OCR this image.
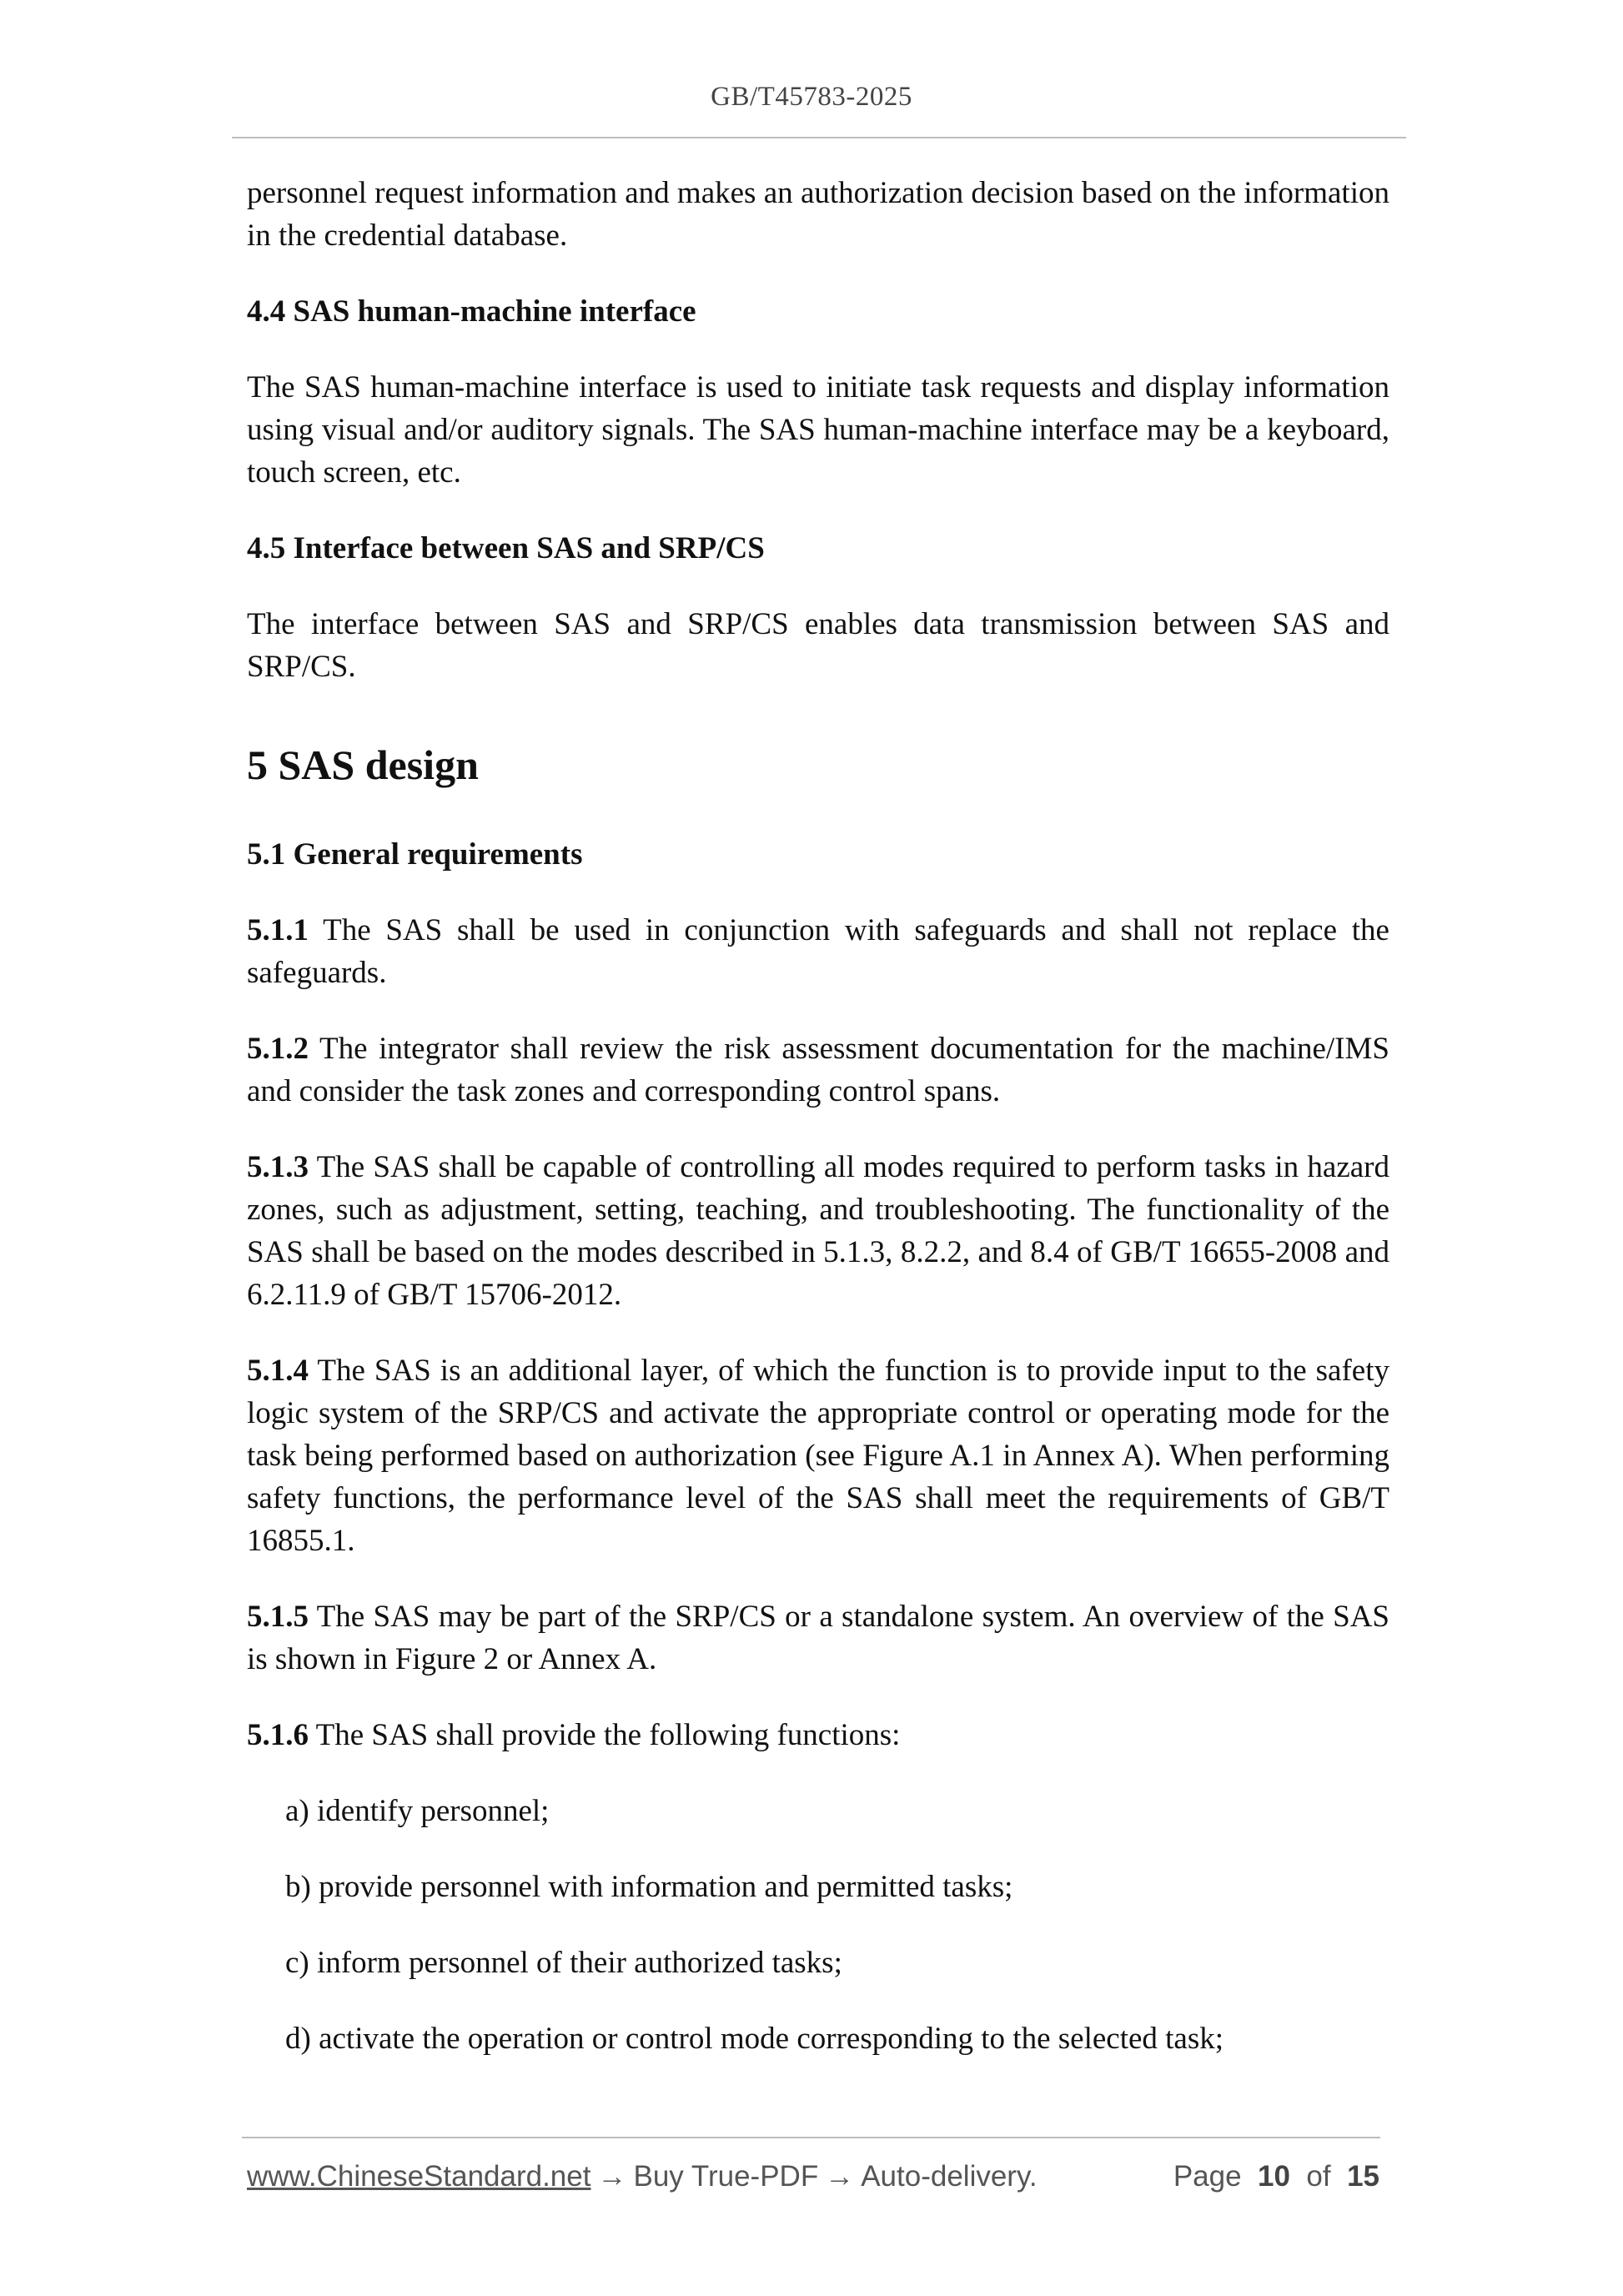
GB/T45783-2025

personnel request information and makes an authorization decision based on the information in the credential database.

4.4 SAS human-machine interface

The SAS human-machine interface is used to initiate task requests and display information using visual and/or auditory signals. The SAS human-machine interface may be a keyboard, touch screen, etc.

4.5 Interface between SAS and SRP/CS

The interface between SAS and SRP/CS enables data transmission between SAS and SRP/CS.

5 SAS design
5.1 General requirements

5.1.1 The SAS shall be used in conjunction with safeguards and shall not replace the safeguards.

5.1.2 The integrator shall review the risk assessment documentation for the machine/IMS and consider the task zones and corresponding control spans.

5.1.3 The SAS shall be capable of controlling all modes required to perform tasks in hazard zones, such as adjustment, setting, teaching, and troubleshooting. The functionality of the SAS shall be based on the modes described in 5.1.3, 8.2.2, and 8.4 of GB/T 16655-2008 and 6.2.11.9 of GB/T 15706-2012.

5.1.4 The SAS is an additional layer, of which the function is to provide input to the safety logic system of the SRP/CS and activate the appropriate control or operating mode for the task being performed based on authorization (see Figure A.1 in Annex A). When performing safety functions, the performance level of the SAS shall meet the requirements of GB/T 16855.1.

5.1.5 The SAS may be part of the SRP/CS or a standalone system. An overview of the SAS is shown in Figure 2 or Annex A.

5.1.6 The SAS shall provide the following functions:

a) identify personnel;
b) provide personnel with information and permitted tasks;
c) inform personnel of their authorized tasks;
d) activate the operation or control mode corresponding to the selected task;
www.ChineseStandard.net → Buy True-PDF → Auto-delivery.	Page 10 of 15
